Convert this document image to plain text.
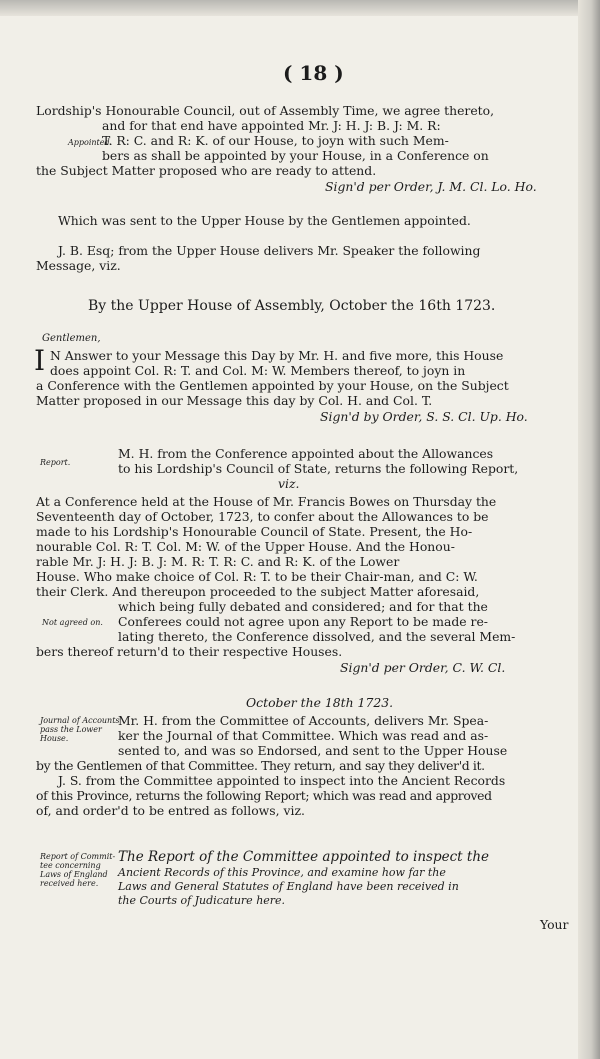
( 18 )
Lordship's Honourable Council, out of Assembly Time, we agree thereto,
and for that end have appointed Mr. J: H. J: B. J: M. R:
Appointed.
T. R: C. and R: K. of our House, to joyn with such Mem-
bers as shall be appointed by your House, in a Conference on
the Subject Matter proposed who are ready to attend.
Sign'd per Order, J. M. Cl. Lo. Ho.
Which was sent to the Upper House by the Gentlemen appointed.
J. B. Esq; from the Upper House delivers Mr. Speaker the following
Message, viz.
By the Upper House of Assembly, October the 16th 1723.
Gentlemen,
I N Answer to your Message this Day by Mr. H. and five more, this House
does appoint Col. R: T. and Col. M: W. Members thereof, to joyn in
a Conference with the Gentlemen appointed by your House, on the Subject
Matter proposed in our Message this day by Col. H. and Col. T.
Sign'd by Order, S. S. Cl. Up. Ho.
Report.
M. H. from the Conference appointed about the Allowances
to his Lordship's Council of State, returns the following Report,
viz.
At a Conference held at the House of Mr. Francis Bowes on Thursday the
Seventeenth day of October, 1723, to confer about the Allowances to be
made to his Lordship's Honourable Council of State. Present, the Ho-
nourable Col. R: T. Col. M: W. of the Upper House. And the Honou-
rable Mr. J: H. J: B. J: M. R: T. R: C. and R: K. of the Lower
House. Who make choice of Col. R: T. to be their Chair-man, and C: W.
their Clerk. And thereupon proceeded to the subject Matter aforesaid,
which being fully debated and considered; and for that the
Not agreed on. Conferees could not agree upon any Report to be made re-
lating thereto, the Conference dissolved, and the several Mem-
bers thereof return'd to their respective Houses.
Sign'd per Order, C. W. Cl.
October the 18th 1723.
Journal of Accounts
pass the Lower
House.
Mr. H. from the Committee of Accounts, delivers Mr. Spea-
ker the Journal of that Committee. Which was read and as-
sented to, and was so Endorsed, and sent to the Upper House
by the Gentlemen of that Committee. They return, and say they deliver'd it.
J. S. from the Committee appointed to inspect into the Ancient Records
of this Province, returns the following Report; which was read and approved
of, and order'd to be entred as follows, viz.
Report of Commit-
tee concerning
Laws of England
received here.
The Report of the Committee appointed to inspect the
Ancient Records of this Province, and examine how far the
Laws and General Statutes of England have been received in
the Courts of Judicature here.
Your
